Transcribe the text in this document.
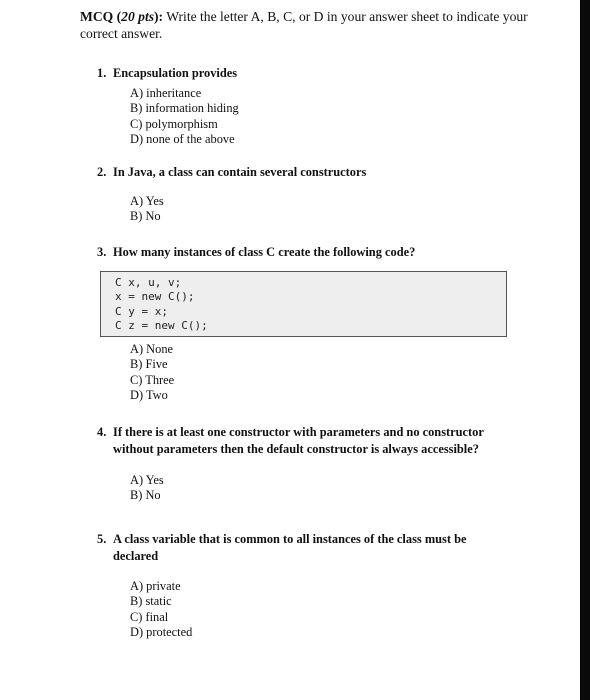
MCQ (20 pts): Write the letter A, B, C, or D in your answer sheet to indicate your correct answer.
1. Encapsulation provides
A) inheritance
B) information hiding
C) polymorphism
D) none of the above
2. In Java, a class can contain several constructors
A) Yes
B) No
3. How many instances of class C create the following code?
C x, u, v;
x = new C();
C y = x;
C z = new C();
A) None
B) Five
C) Three
D) Two
4. If there is at least one constructor with parameters and no constructor without parameters then the default constructor is always accessible?
A) Yes
B) No
5. A class variable that is common to all instances of the class must be declared
A) private
B) static
C) final
D) protected
